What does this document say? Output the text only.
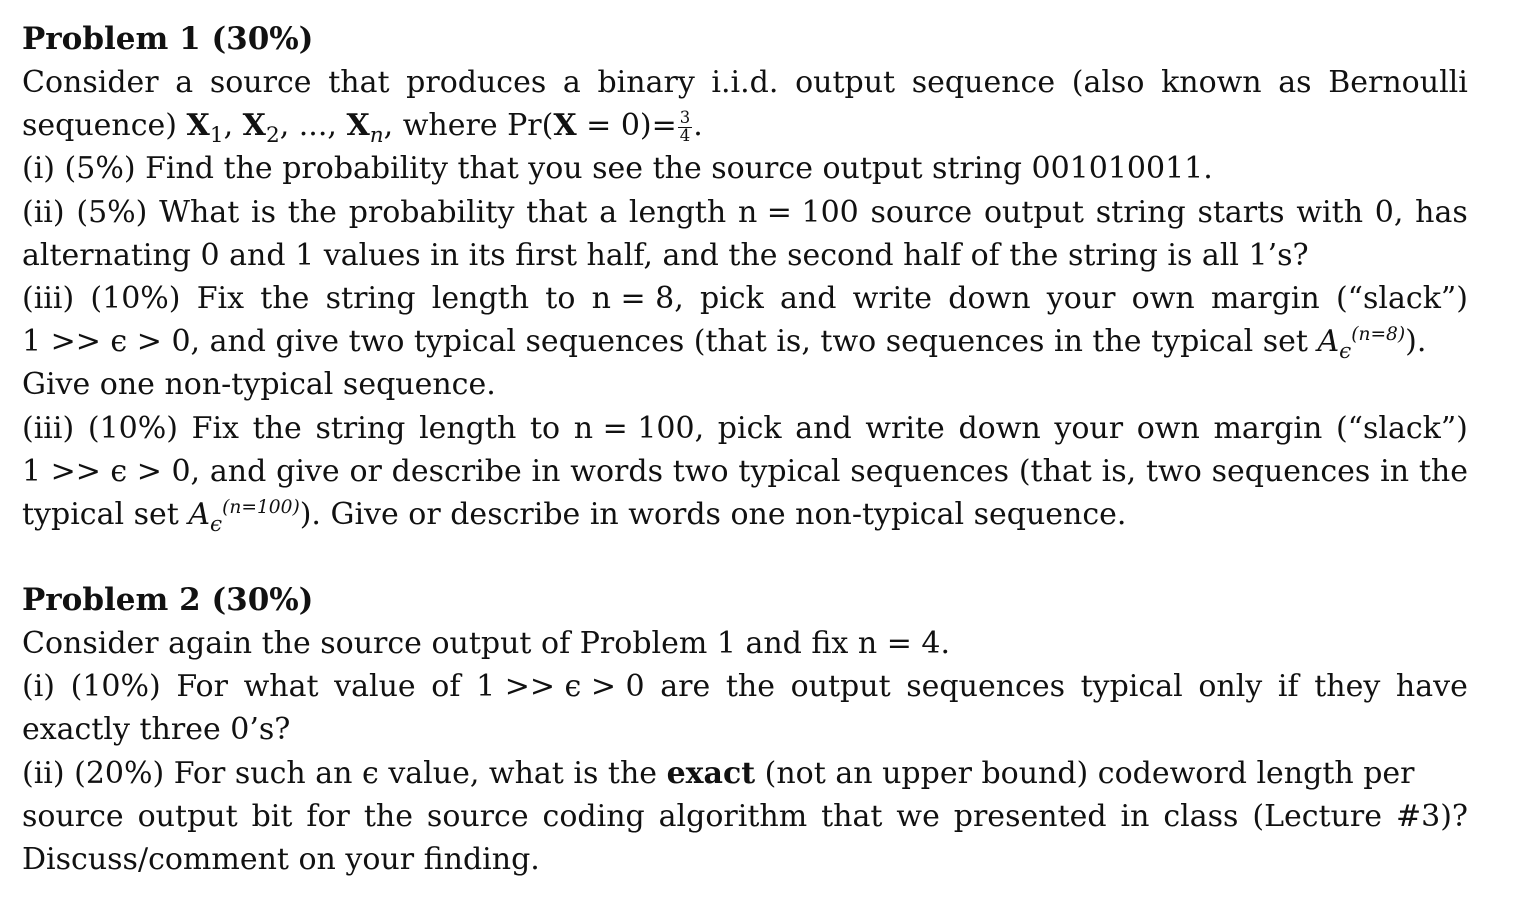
Problem 1 (30%)
Consider a source that produces a binary i.i.d. output sequence (also known as Bernoulli
sequence) $X_1$, $X_2$, ..., $X_n$, where $Pr(X = 0)= \frac{3}{4}$ .
(i) (5%) Find the probability that you see the source output string 001010011.
(ii) (5%) What is the probability that a length n = 100 source output string starts with 0, has
alternating 0 and 1 values in its first half, and the second half of the string is all 1’s?
(iii) (10%) Fix the string length to n = 8, pick and write down your own margin (“slack”)
1 >> ϵ > 0, and give two typical sequences (that is, two sequences in the typical set $A_\epsilon^{(n=8)}$).
Give one non-typical sequence.
(iii) (10%) Fix the string length to n = 100, pick and write down your own margin (“slack”)
1 >> ϵ > 0, and give or describe in words two typical sequences (that is, two sequences in the
typical set $A_\epsilon^{(n=100)}$). Give or describe in words one non-typical sequence.
Problem 2 (30%)
Consider again the source output of Problem 1 and fix n = 4.
(i) (10%) For what value of 1 >> ϵ > 0 are the output sequences typical only if they have
exactly three 0’s?
(ii) (20%) For such an ϵ value, what is the exact (not an upper bound) codeword length per
source output bit for the source coding algorithm that we presented in class (Lecture #3)?
Discuss/comment on your finding.
